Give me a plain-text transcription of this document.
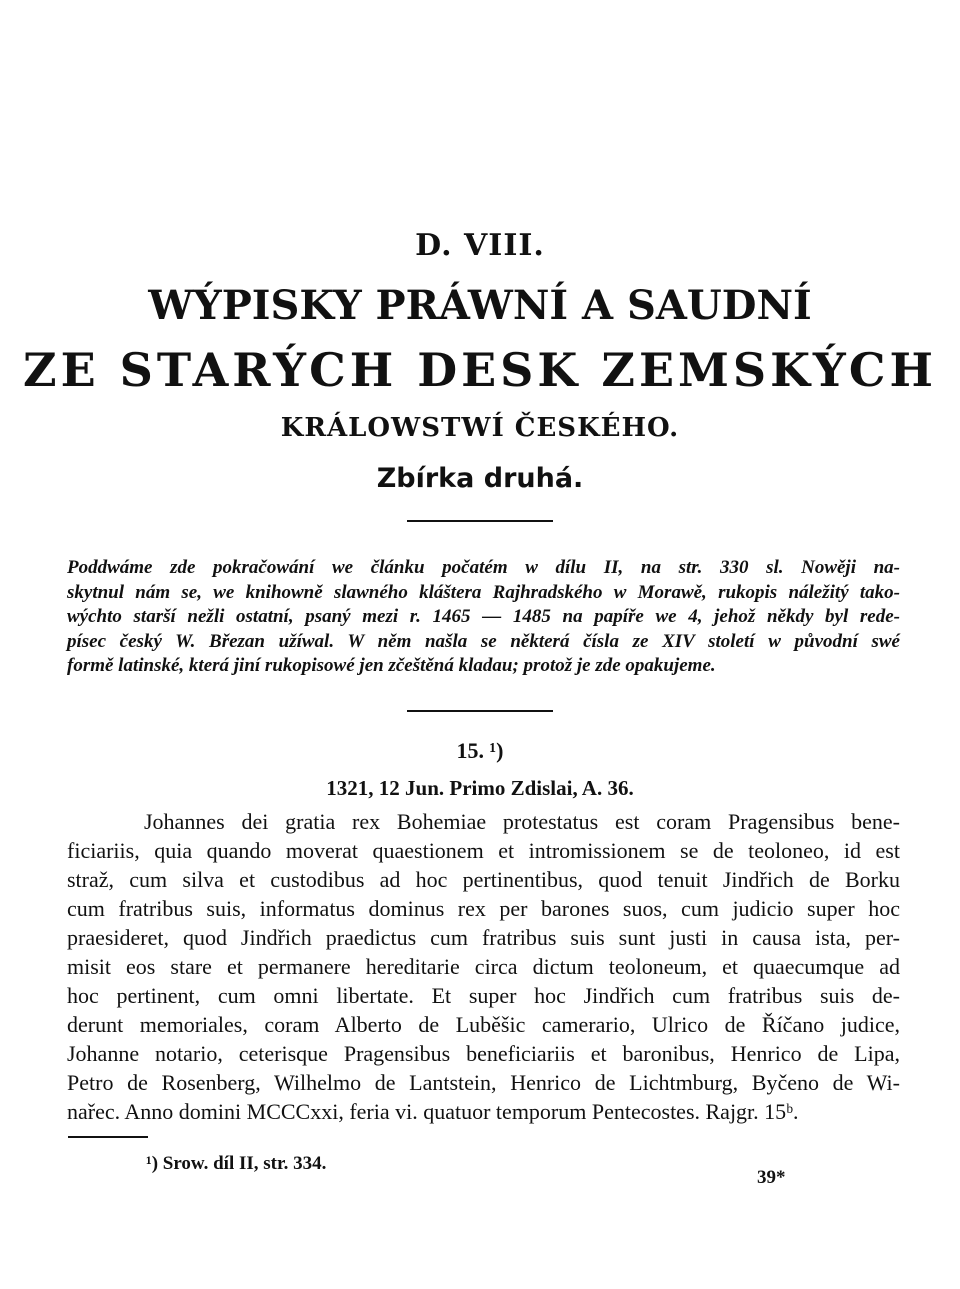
D. VIII.
WÝPISKY PRÁWNÍ A SAUDNÍ
ZE STARÝCH DESK ZEMSKÝCH
KRÁLOWSTWÍ ČESKÉHO.
Zbírka druhá.
Poddwáme zde pokračowání we článku počatém w dílu II, na str. 330 sl. Nowěji na-
skytnul nám se, we knihowně slawného kláštera Rajhradského w Morawě, rukopis náležitý tako-
wýchto starší nežli ostatní, psaný mezi r. 1465 — 1485 na papíře we 4, jehož někdy byl rede-
písec český W. Březan užíwal. W něm našla se některá čísla ze XIV století w původní swé
formě latinské, která jiní rukopisowé jen zčeštěná kladau; protož je zde opakujeme.
15. ¹)
1321, 12 Jun. Primo Zdislai, A. 36.
Johannes dei gratia rex Bohemiae protestatus est coram Pragensibus bene-
ficiariis, quia quando moverat quaestionem et intromissionem se de teoloneo, id est
straž, cum silva et custodibus ad hoc pertinentibus, quod tenuit Jindřich de Borku
cum fratribus suis, informatus dominus rex per barones suos, cum judicio super hoc
praesideret, quod Jindřich praedictus cum fratribus suis sunt justi in causa ista, per-
misit eos stare et permanere hereditarie circa dictum teoloneum, et quaecumque ad
hoc pertinent, cum omni libertate. Et super hoc Jindřich cum fratribus suis de-
derunt memoriales, coram Alberto de Luběšic camerario, Ulrico de Říčano judice,
Johanne notario, ceterisque Pragensibus beneficiariis et baronibus, Henrico de Lipa,
Petro de Rosenberg, Wilhelmo de Lantstein, Henrico de Lichtmburg, Byčeno de Wi-
nařec. Anno domini MCCCxxi, feria vi. quatuor temporum Pentecostes. Rajgr. 15ᵇ.
¹) Srow. díl II, str. 334.
39*
